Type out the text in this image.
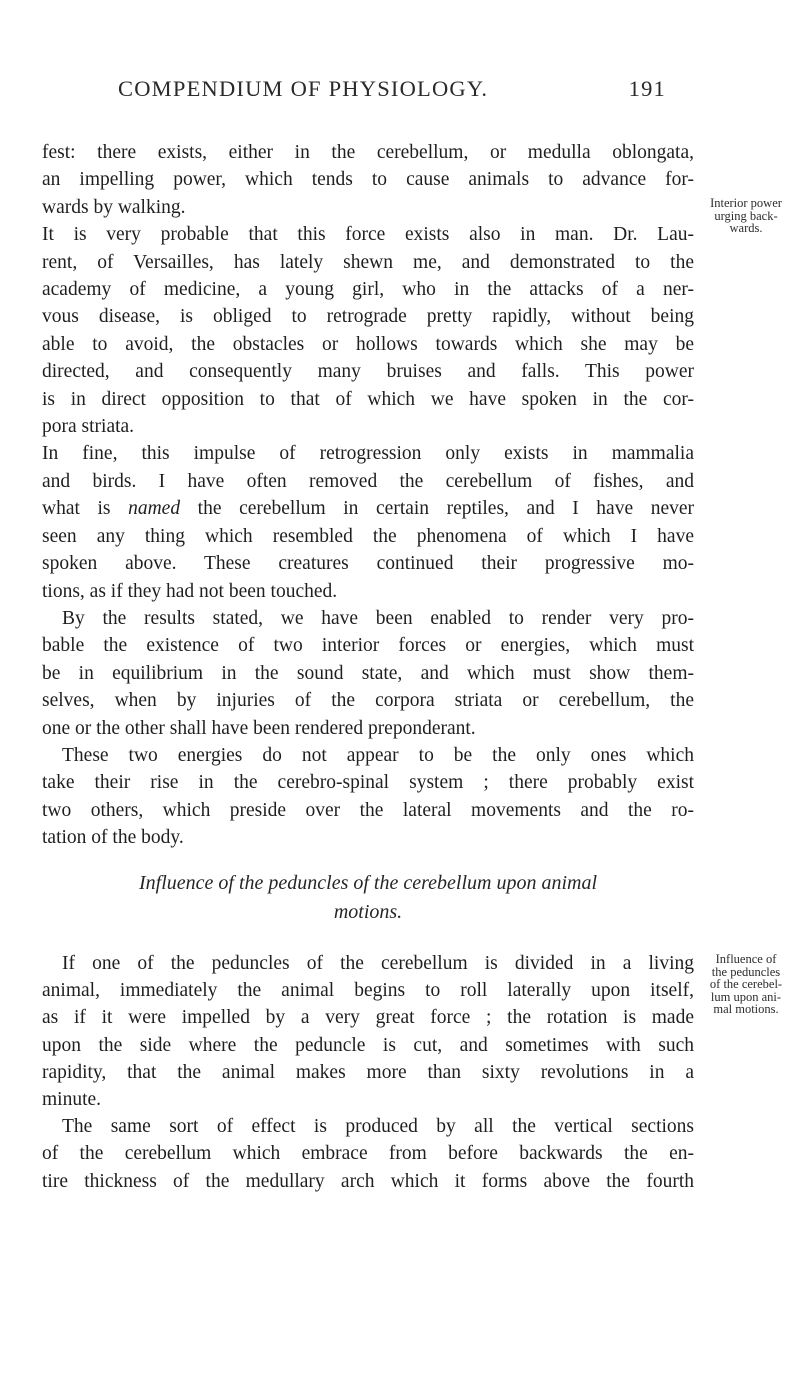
COMPENDIUM OF PHYSIOLOGY.	191

fest: there exists, either in the cerebellum, or medulla oblongata,
an impelling power, which tends to cause animals to advance for-
wards by walking.

It is very probable that this force exists also in man. Dr. Lau-
rent, of Versailles, has lately shewn me, and demonstrated to the
academy of medicine, a young girl, who in the attacks of a ner-
vous disease, is obliged to retrograde pretty rapidly, without being
able to avoid, the obstacles or hollows towards which she may be
directed, and consequently many bruises and falls. This power
is in direct opposition to that of which we have spoken in the cor-
pora striata.

In fine, this impulse of retrogression only exists in mammalia
and birds. I have often removed the cerebellum of fishes, and
what is named the cerebellum in certain reptiles, and I have never
seen any thing which resembled the phenomena of which I have
spoken above. These creatures continued their progressive mo-
tions, as if they had not been touched.

By the results stated, we have been enabled to render very pro-
bable the existence of two interior forces or energies, which must
be in equilibrium in the sound state, and which must show them-
selves, when by injuries of the corpora striata or cerebellum, the
one or the other shall have been rendered preponderant.

These two energies do not appear to be the only ones which
take their rise in the cerebro-spinal system ; there probably exist
two others, which preside over the lateral movements and the ro-
tation of the body.

Influence of the peduncles of the cerebellum upon animal
motions.

If one of the peduncles of the cerebellum is divided in a living
animal, immediately the animal begins to roll laterally upon itself,
as if it were impelled by a very great force ; the rotation is made
upon the side where the peduncle is cut, and sometimes with such
rapidity, that the animal makes more than sixty revolutions in a
minute.

The same sort of effect is produced by all the vertical sections
of the cerebellum which embrace from before backwards the en-
tire thickness of the medullary arch which it forms above the fourth

Interior power
urging back-
wards.
Influence of
the peduncles
of the cerebel-
lum upon ani-
mal motions.
